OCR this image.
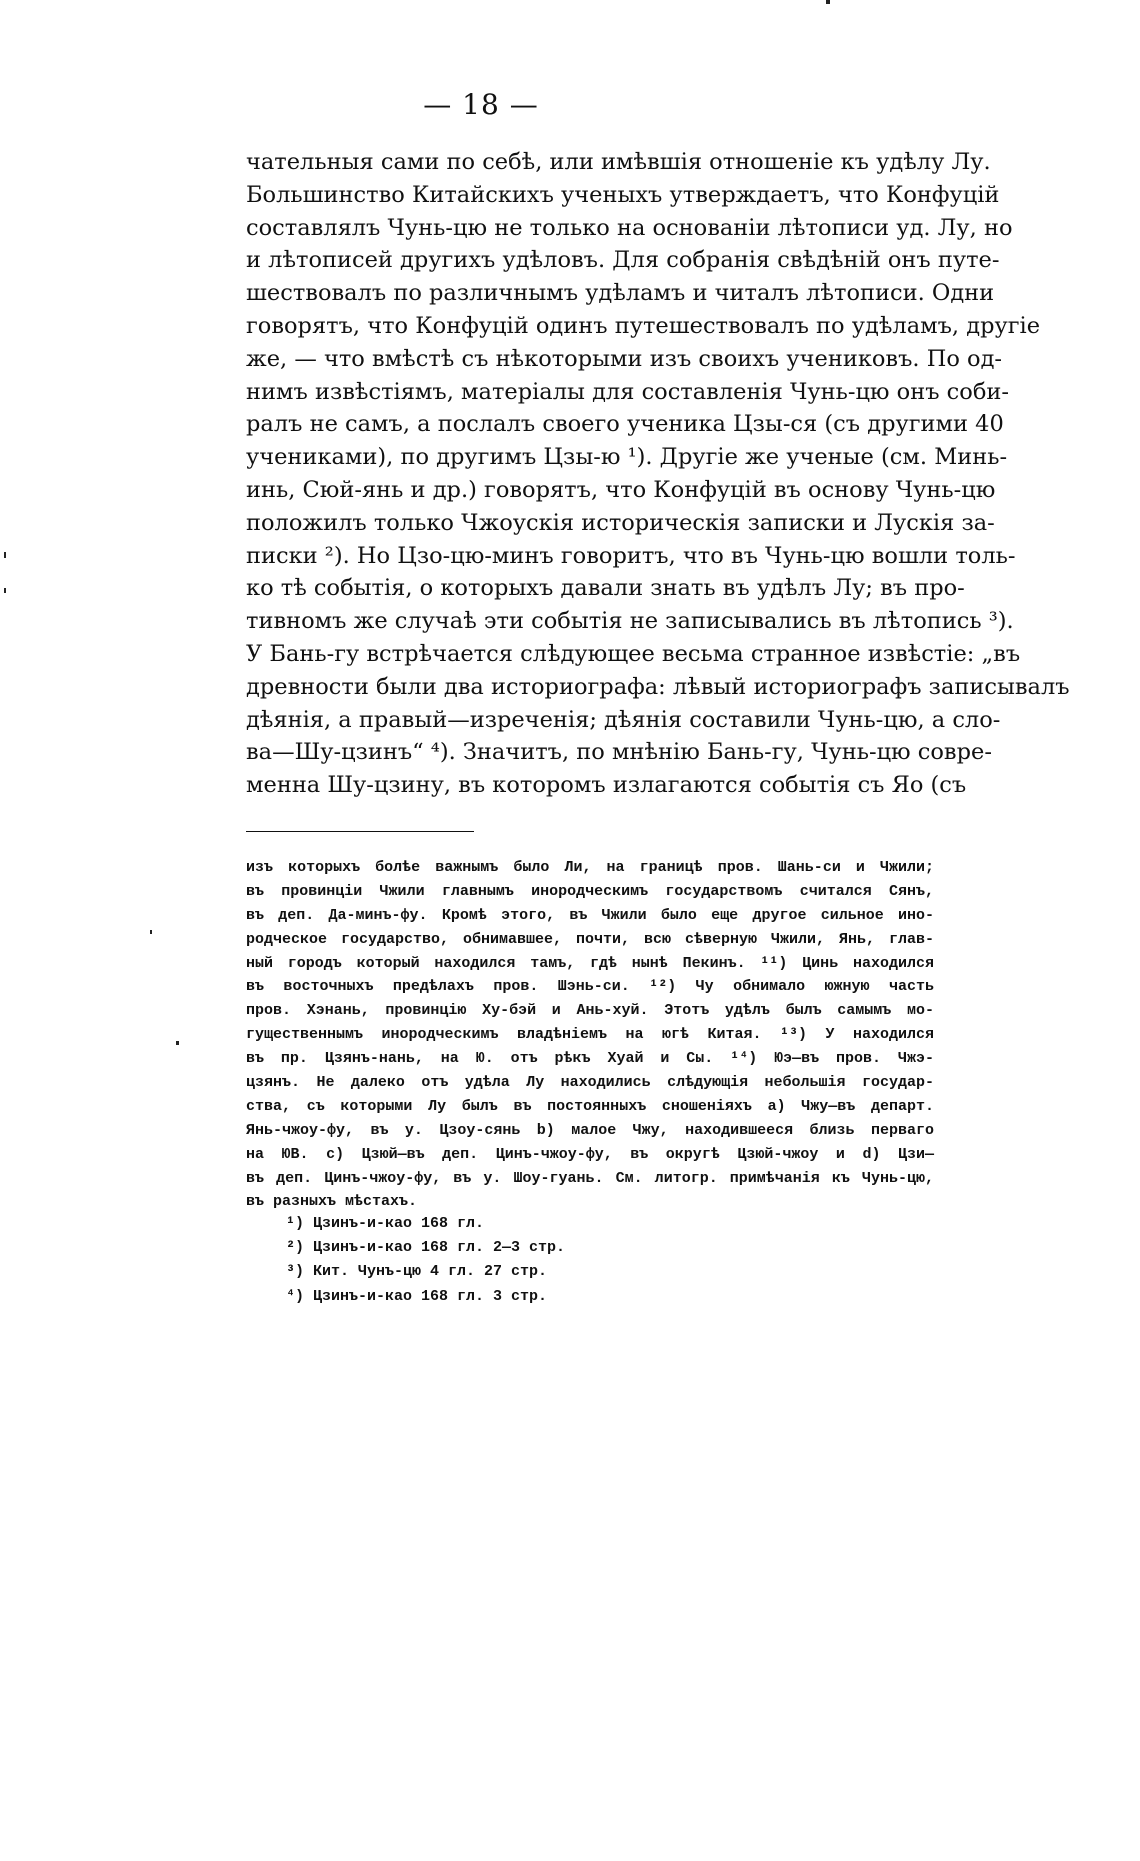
— 18 —
чательныя сами по себѣ, или имѣвшія отношеніе къ удѣлу Лу.
Большинство Китайскихъ ученыхъ утверждаетъ, что Конфуцій
составлялъ Чунь-цю не только на основаніи лѣтописи уд. Лу, но
и лѣтописей другихъ удѣловъ. Для собранія свѣдѣній онъ путе-
шествовалъ по различнымъ удѣламъ и читалъ лѣтописи. Одни
говорятъ, что Конфуцій одинъ путешествовалъ по удѣламъ, другіе
же, — что вмѣстѣ съ нѣкоторыми изъ своихъ учениковъ. По од-
нимъ извѣстіямъ, матеріалы для составленія Чунь-цю онъ соби-
ралъ не самъ, а послалъ своего ученика Цзы-ся (съ другими 40
учениками), по другимъ Цзы-ю ¹). Другіе же ученые (см. Минь-
инь, Сюй-янь и др.) говорятъ, что Конфуцій въ основу Чунь-цю
положилъ только Чжоускія историческія записки и Лускія за-
писки ²). Но Цзо-цю-минъ говоритъ, что въ Чунь-цю вошли толь-
ко тѣ событія, о которыхъ давали знать въ удѣлъ Лу; въ про-
тивномъ же случаѣ эти событія не записывались въ лѣтопись ³).
У Бань-гу встрѣчается слѣдующее весьма странное извѣстіе: „въ
древности были два историографа: лѣвый историографъ записывалъ
дѣянія, а правый—изреченія; дѣянія составили Чунь-цю, а сло-
ва—Шу-цзинъ“ ⁴). Значитъ, по мнѣнію Бань-гу, Чунь-цю совре-
менна Шу-цзину, въ которомъ излагаются событія съ Яо (съ
изъ которыхъ болѣе важнымъ было Ли, на границѣ пров. Шань-си и Чжили;
въ провинціи Чжили главнымъ инородческимъ государствомъ считался Сянъ,
въ деп. Да-минъ-фу. Кромѣ этого, въ Чжили было еще другое сильное ино-
родческое государство, обнимавшее, почти, всю сѣверную Чжили, Янь, глав-
ный городъ который находился тамъ, гдѣ нынѣ Пекинъ. ¹¹) Цинь находился
въ восточныхъ предѣлахъ пров. Шэнь-си. ¹²) Чу обнимало южную часть
пров. Хэнань, провинцію Ху-бэй и Ань-хуй. Этотъ удѣлъ былъ самымъ мо-
гущественнымъ инородческимъ владѣніемъ на югѣ Китая. ¹³) У находился
въ пр. Цзянъ-нань, на Ю. отъ рѣкъ Хуай и Сы. ¹⁴) Юэ—въ пров. Чжэ-
цзянъ. Не далеко отъ удѣла Лу находились слѣдующія небольшія государ-
ства, съ которыми Лу былъ въ постоянныхъ сношеніяхъ а) Чжу—въ департ.
Янь-чжоу-фу, въ у. Цзоу-сянь b) малое Чжу, находившееся близь перваго
на ЮВ. с) Цзюй—въ деп. Цинъ-чжоу-фу, въ округѣ Цзюй-чжоу и d) Цзи—
въ деп. Цинъ-чжоу-фу, въ у. Шоу-гуань. См. литогр. примѣчанія къ Чунь-цю,
въ разныхъ мѣстахъ.
¹) Цзинъ-и-као 168 гл.
²) Цзинъ-и-као 168 гл. 2—3 стр.
³) Кит. Чунъ-цю 4 гл. 27 стр.
⁴) Цзинъ-и-као 168 гл. 3 стр.
